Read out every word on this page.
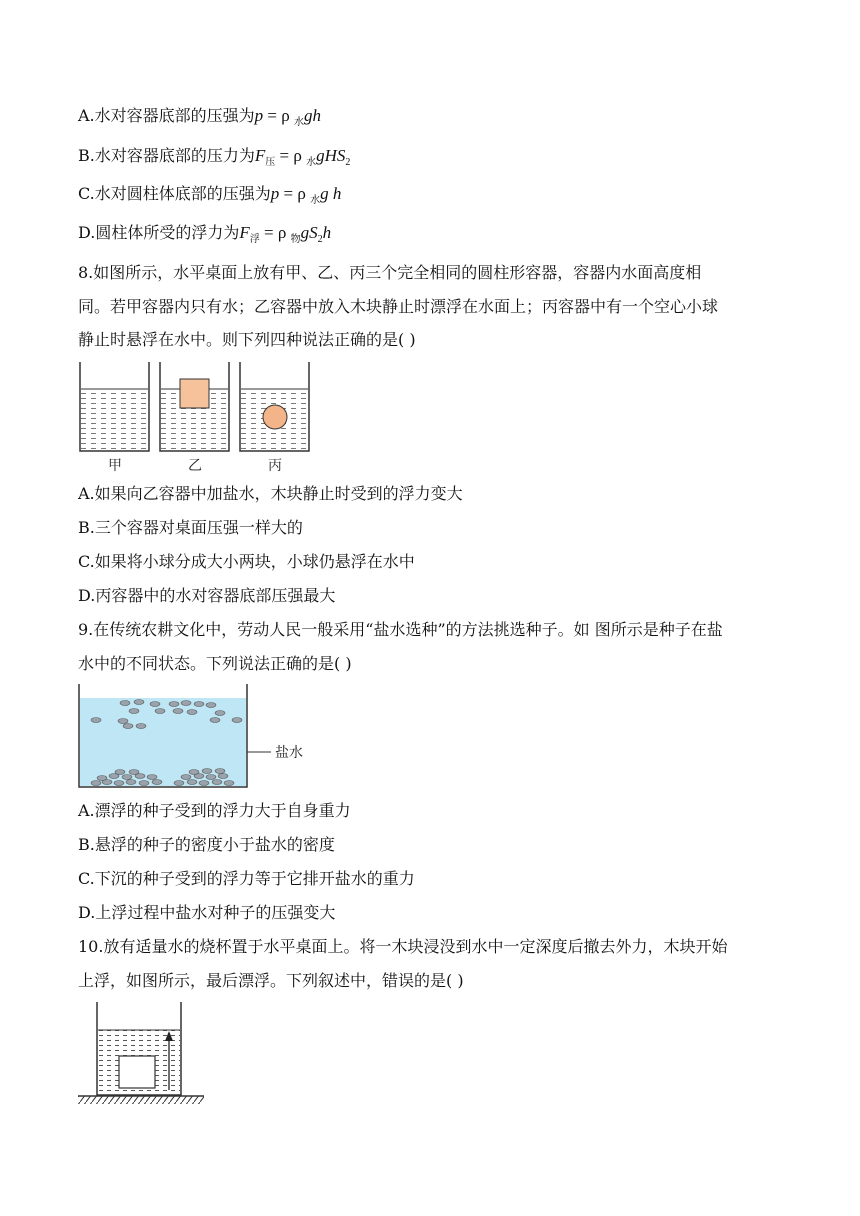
A.水对容器底部的压强为p = ρ $_水$gh
B.水对容器底部的压力为$F_压 = \rho$ $_水$gHS$_2$
C.水对圆柱体底部的压强为p = ρ $_水$g h
D.圆柱体所受的浮力为$F_浮 = \rho$ $_物gS_2h$
8.如图所示，水平桌面上放有甲、乙、丙三个完全相同的圆柱形容器，容器内水面高度相
同。若甲容器内只有水；乙容器中放入木块静止时漂浮在水面上；丙容器中有一个空心小球
静止时悬浮在水中。则下列四种说法正确的是( )
甲	乙	丙
A.如果向乙容器中加盐水，木块静止时受到的浮力变大
B.三个容器对桌面压强一样大的
C.如果将小球分成大小两块，小球仍悬浮在水中
D.丙容器中的水对容器底部压强最大
9.在传统农耕文化中，劳动人民一般采用“盐水选种”的方法挑选种子。如 图所示是种子在盐
水中的不同状态。下列说法正确的是( )
盐水
A.漂浮的种子受到的浮力大于自身重力
B.悬浮的种子的密度小于盐水的密度
C.下沉的种子受到的浮力等于它排开盐水的重力
D.上浮过程中盐水对种子的压强变大
10.放有适量水的烧杯置于水平桌面上。将一木块浸没到水中一定深度后撤去外力，木块开始
上浮，如图所示，最后漂浮。下列叙述中，错误的是( )
